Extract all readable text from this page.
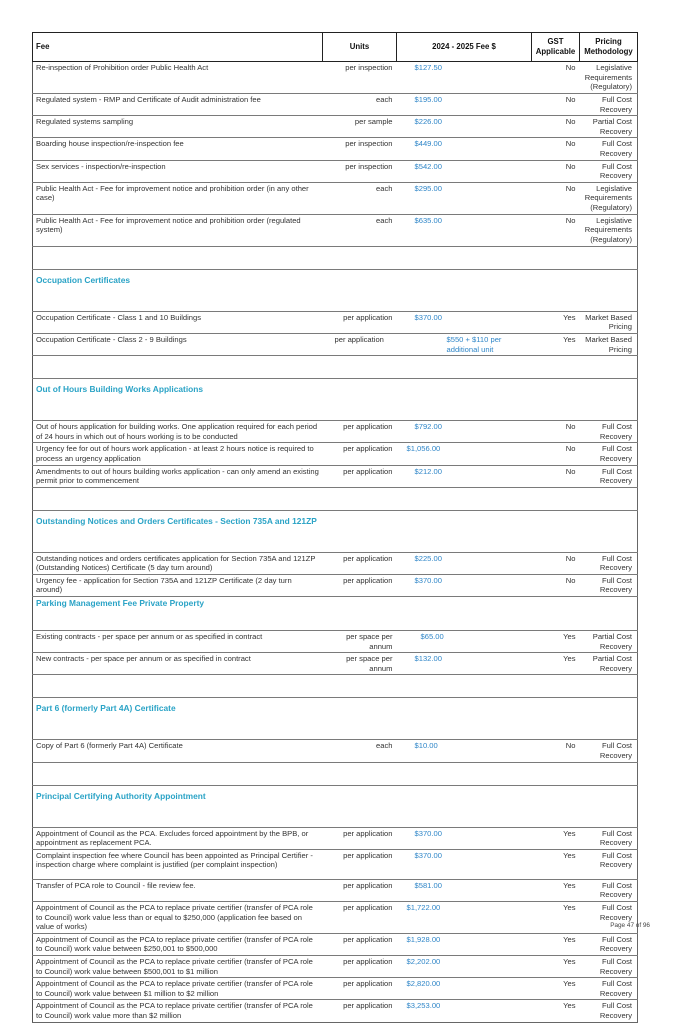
Fee	Units	2024 - 2025 Fee $	GST Applicable	Pricing Methodology
Re-inspection of Prohibition order Public Health Act	per inspection	$127.50	No	Legislative Requirements (Regulatory)
Regulated system - RMP and Certificate of Audit administration fee	each	$195.00	No	Full Cost Recovery
Regulated systems sampling	per sample	$226.00	No	Partial Cost Recovery
Boarding house inspection/re-inspection fee	per inspection	$449.00	No	Full Cost Recovery
Sex services - inspection/re-inspection	per inspection	$542.00	No	Full Cost Recovery
Public Health Act - Fee for improvement notice and prohibition order (in any other case)	each	$295.00	No	Legislative Requirements (Regulatory)
Public Health Act - Fee for improvement notice and prohibition order (regulated system)	each	$635.00	No	Legislative Requirements (Regulatory)

Occupation Certificates				
Occupation Certificate - Class 1 and 10 Buildings	per application	$370.00	Yes	Market Based Pricing
Occupation Certificate - Class 2 - 9 Buildings	per application	$550 + $110 per additional unit	Yes	Market Based Pricing

Out of Hours Building Works Applications				
Out of hours application for building works. One application required for each period of 24 hours in which out of hours working is to be conducted	per application	$792.00	No	Full Cost Recovery
Urgency fee for out of hours work application - at least 2 hours notice is required to process an urgency application	per application	$1,056.00	No	Full Cost Recovery
Amendments to out of hours building works application - can only amend an existing permit prior to commencement	per application	$212.00	No	Full Cost Recovery

Outstanding Notices and Orders Certificates - Section 735A and 121ZP				
Outstanding notices and orders certificates application for Section 735A and 121ZP (Outstanding Notices) Certificate (5 day turn around)	per application	$225.00	No	Full Cost Recovery
Urgency fee - application for Section 735A and 121ZP Certificate (2 day turn around)	per application	$370.00	No	Full Cost Recovery
Parking Management Fee Private Property				
Existing contracts - per space per annum or as specified in contract	per space per annum	$65.00	Yes	Partial Cost Recovery
New contracts - per space per annum or as specified in contract	per space per annum	$132.00	Yes	Partial Cost Recovery

Part 6 (formerly Part 4A) Certificate				
Copy of Part 6 (formerly Part 4A) Certificate	each	$10.00	No	Full Cost Recovery

Principal Certifying Authority Appointment				
Appointment of Council as the PCA. Excludes forced appointment by the BPB, or appointment as replacement PCA.	per application	$370.00	Yes	Full Cost Recovery
Complaint inspection fee where Council has been appointed as Principal Certifier - inspection charge where complaint is justified (per complaint inspection)	per application	$370.00	Yes	Full Cost Recovery
Transfer of PCA role to Council - file review fee.	per application	$581.00	Yes	Full Cost Recovery
Appointment of Council as the PCA to replace private certifier (transfer of PCA role to Council) work value less than or equal to $250,000 (application fee based on value of works)	per application	$1,722.00	Yes	Full Cost Recovery
Appointment of Council as the PCA to replace private certifier (transfer of PCA role to Council) work value between $250,001 to $500,000	per application	$1,928.00	Yes	Full Cost Recovery
Appointment of Council as the PCA to replace private certifier (transfer of PCA role to Council) work value between $500,001 to $1 million	per application	$2,202.00	Yes	Full Cost Recovery
Appointment of Council as the PCA to replace private certifier (transfer of PCA role to Council) work value between $1 million to $2 million	per application	$2,820.00	Yes	Full Cost Recovery
Appointment of Council as the PCA to replace private certifier (transfer of PCA role to Council) work value more than $2 million	per application	$3,253.00	Yes	Full Cost Recovery
Page 47 of 96
